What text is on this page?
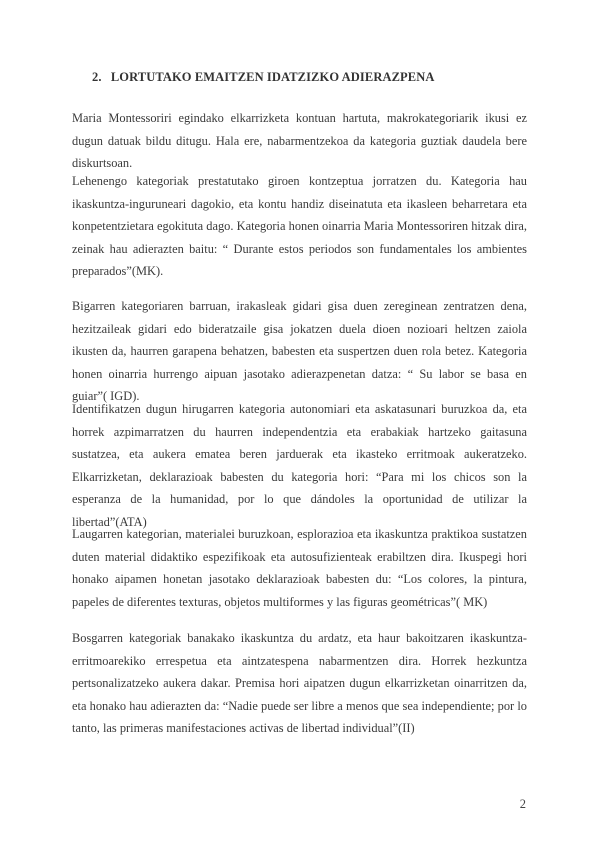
2. LORTUTAKO EMAITZEN IDATZIZKO ADIERAZPENA

Maria Montessoriri egindako elkarrizketa kontuan hartuta, makrokategoriarik ikusi ez dugun datuak bildu ditugu. Hala ere, nabarmentzekoa da kategoria guztiak daudela bere diskurtsoan.

Lehenengo kategoriak prestatutako giroen kontzeptua jorratzen du. Kategoria hau ikaskuntza-inguruneari dagokio, eta kontu handiz diseinatuta eta ikasleen beharretara eta konpetentzietara egokituta dago. Kategoria honen oinarria Maria Montessoriren hitzak dira, zeinak hau adierazten baitu: “ Durante estos periodos son fundamentales los ambientes preparados”(MK).

Bigarren kategoriaren barruan, irakasleak gidari gisa duen zereginean zentratzen dena, hezitzaileak gidari edo bideratzaile gisa jokatzen duela dioen nozioari heltzen zaiola ikusten da, haurren garapena behatzen, babesten eta suspertzen duen rola betez. Kategoria honen oinarria hurrengo aipuan jasotako adierazpenetan datza: “ Su labor se basa en guiar”( IGD).

Identifikatzen dugun hirugarren kategoria autonomiari eta askatasunari buruzkoa da, eta horrek azpimarratzen du haurren independentzia eta erabakiak hartzeko gaitasuna sustatzea, eta aukera ematea beren jarduerak eta ikasteko erritmoak aukeratzeko. Elkarrizketan, deklarazioak babesten du kategoria hori: “Para mi los chicos son la esperanza de la humanidad, por lo que dándoles la oportunidad de utilizar la libertad”(ATA)

Laugarren kategorian, materialei buruzkoan, esplorazioa eta ikaskuntza praktikoa sustatzen duten material didaktiko espezifikoak eta autosufizienteak erabiltzen dira. Ikuspegi hori honako aipamen honetan jasotako deklarazioak babesten du: “Los colores, la pintura, papeles de diferentes texturas, objetos multiformes y las figuras geométricas”( MK)

Bosgarren kategoriak banakako ikaskuntza du ardatz, eta haur bakoitzaren ikaskuntza-erritmoarekiko errespetua eta aintzatespena nabarmentzen dira. Horrek hezkuntza pertsonalizatzeko aukera dakar. Premisa hori aipatzen dugun elkarrizketan oinarritzen da, eta honako hau adierazten da: “Nadie puede ser libre a menos que sea independiente; por lo tanto, las primeras manifestaciones activas de libertad individual”(II)

2
